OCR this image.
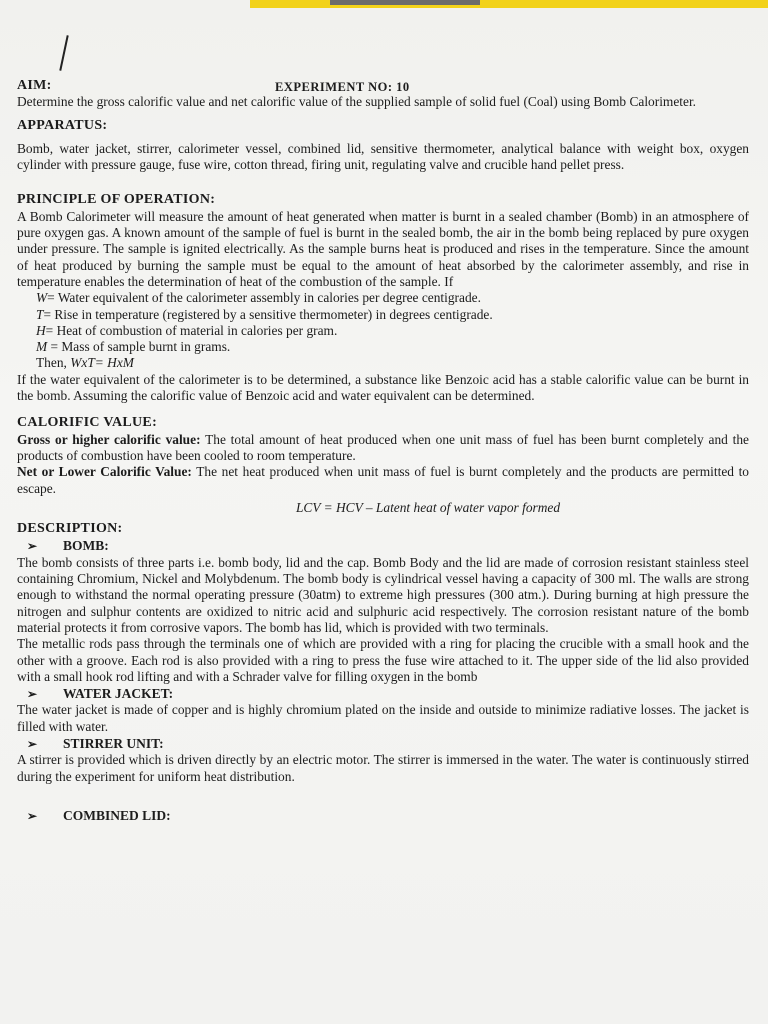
EXPERIMENT NO: 10
AIM:

Determine the gross calorific value and net calorific value of the supplied sample of solid fuel (Coal) using Bomb Calorimeter.

APPARATUS:

Bomb, water jacket, stirrer, calorimeter vessel, combined lid, sensitive thermometer, analytical balance with weight box, oxygen cylinder with pressure gauge, fuse wire, cotton thread, firing unit, regulating valve and crucible hand pellet press.

PRINCIPLE OF OPERATION:

A Bomb Calorimeter will measure the amount of heat generated when matter is burnt in a sealed chamber (Bomb) in an atmosphere of pure oxygen gas. A known amount of the sample of fuel is burnt in the sealed bomb, the air in the bomb being replaced by pure oxygen under pressure. The sample is ignited electrically. As the sample burns heat is produced and rises in the temperature. Since the amount of heat produced by burning the sample must be equal to the amount of heat absorbed by the calorimeter assembly, and rise in temperature enables the determination of heat of the combustion of the sample. If

W= Water equivalent of the calorimeter assembly in calories per degree centigrade.
T= Rise in temperature (registered by a sensitive thermometer) in degrees centigrade.
H= Heat of combustion of material in calories per gram.
M = Mass of sample burnt in grams.
Then, WxT= HxM

If the water equivalent of the calorimeter is to be determined, a substance like Benzoic acid has a stable calorific value can be burnt in the bomb. Assuming the calorific value of Benzoic acid and water equivalent can be determined.

CALORIFIC VALUE:

Gross or higher calorific value: The total amount of heat produced when one unit mass of fuel has been burnt completely and the products of combustion have been cooled to room temperature.

Net or Lower Calorific Value: The net heat produced when unit mass of fuel is burnt completely and the products are permitted to escape.

LCV = HCV – Latent heat of water vapor formed
DESCRIPTION:
➢	BOMB:

The bomb consists of three parts i.e. bomb body, lid and the cap. Bomb Body and the lid are made of corrosion resistant stainless steel containing Chromium, Nickel and Molybdenum. The bomb body is cylindrical vessel having a capacity of 300 ml. The walls are strong enough to withstand the normal operating pressure (30atm) to extreme high pressures (300 atm.). During burning at high pressure the nitrogen and sulphur contents are oxidized to nitric acid and sulphuric acid respectively. The corrosion resistant nature of the bomb material protects it from corrosive vapors. The bomb has lid, which is provided with two terminals.

The metallic rods pass through the terminals one of which are provided with a ring for placing the crucible with a small hook and the other with a groove. Each rod is also provided with a ring to press the fuse wire attached to it. The upper side of the lid also provided with a small hook rod lifting and with a Schrader valve for filling oxygen in the bomb

➢	WATER JACKET:

The water jacket is made of copper and is highly chromium plated on the inside and outside to minimize radiative losses. The jacket is filled with water.

➢	STIRRER UNIT:

A stirrer is provided which is driven directly by an electric motor. The stirrer is immersed in the water. The water is continuously stirred during the experiment for uniform heat distribution.

➢	COMBINED LID:
